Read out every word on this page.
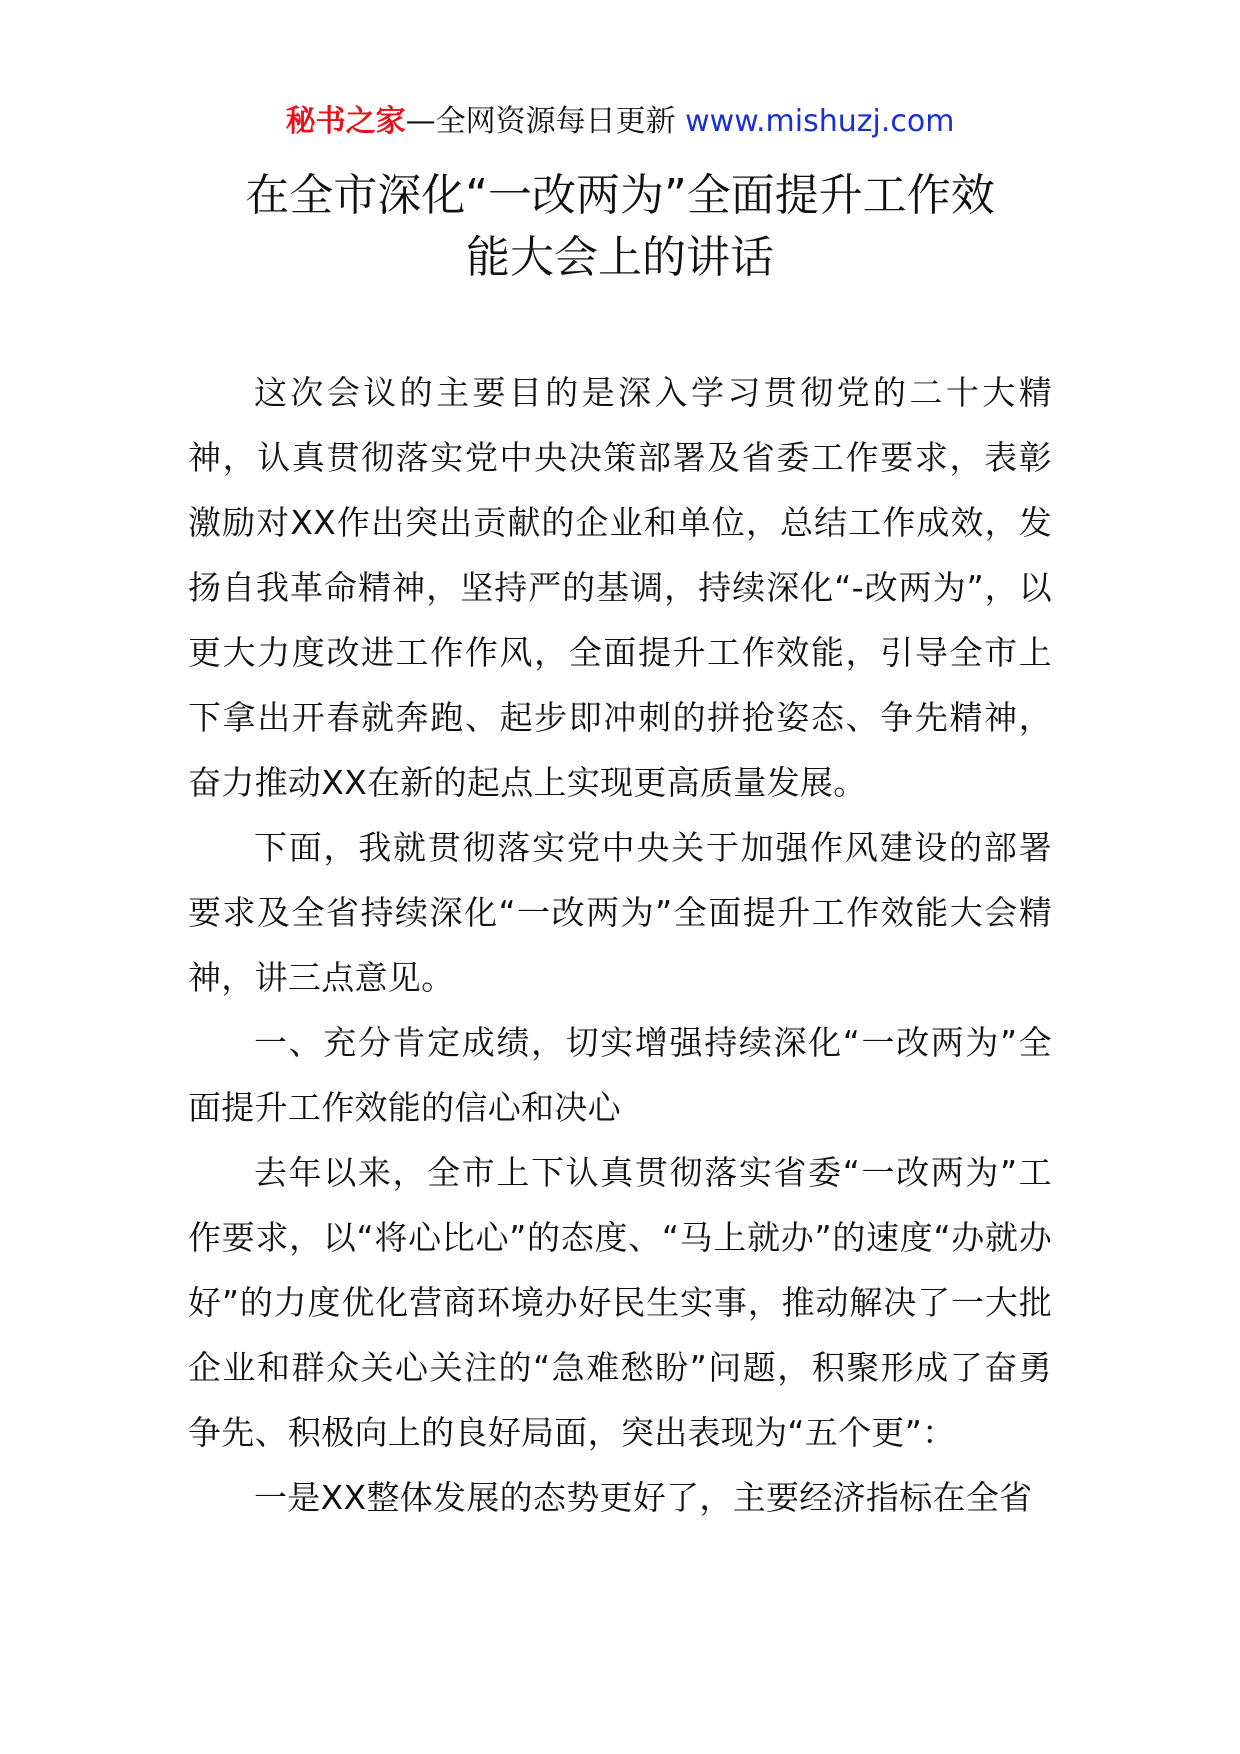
秘书之家—全网资源每日更新 www.mishuzj.com
在全市深化“一改两为”全面提升工作效
能大会上的讲话

这次会议的主要目的是深入学习贯彻党的二十大精神，认真贯彻落实党中央决策部署及省委工作要求，表彰激励对XX作出突出贡献的企业和单位，总结工作成效，发扬自我革命精神，坚持严的基调，持续深化“-改两为”，以更大力度改进工作作风，全面提升工作效能，引导全市上下拿出开春就奔跑、起步即冲刺的拼抢姿态、争先精神，奋力推动XX在新的起点上实现更高质量发展。

下面，我就贯彻落实党中央关于加强作风建设的部署要求及全省持续深化“一改两为”全面提升工作效能大会精神，讲三点意见。

一、充分肯定成绩，切实增强持续深化“一改两为”全面提升工作效能的信心和决心

去年以来，全市上下认真贯彻落实省委“一改两为”工作要求，以“将心比心”的态度、“马上就办”的速度“办就办好”的力度优化营商环境办好民生实事，推动解决了一大批企业和群众关心关注的“急难愁盼”问题，积聚形成了奋勇争先、积极向上的良好局面，突出表现为“五个更”：

一是XX整体发展的态势更好了，主要经济指标在全省
